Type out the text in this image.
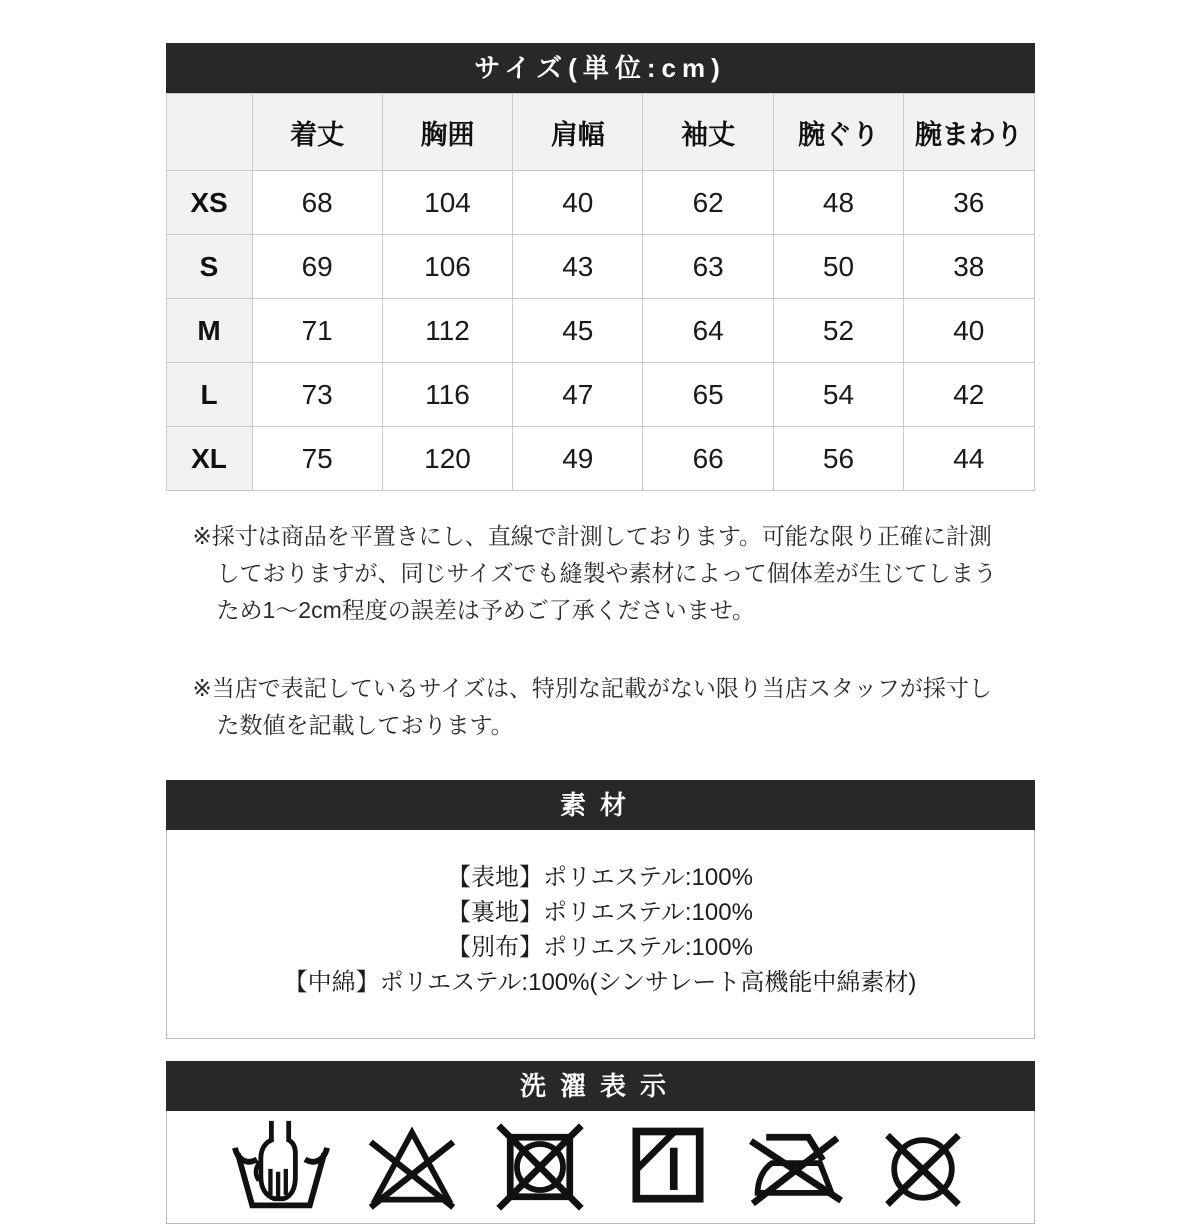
サイズ(単位:cm)
	着丈	胸囲	肩幅	袖丈	腕ぐり	腕まわり
XS	68	104	40	62	48	36
S	69	106	43	63	50	38
M	71	112	45	64	52	40
L	73	116	47	65	54	42
XL	75	120	49	66	56	44

※採寸は商品を平置きにし、直線で計測しております。可能な限り正確に計測しておりますが、同じサイズでも縫製や素材によって個体差が生じてしまうため1〜2cm程度の誤差は予めご了承くださいませ。

※当店で表記しているサイズは、特別な記載がない限り当店スタッフが採寸した数値を記載しております。

素材
【表地】ポリエステル:100%
【裏地】ポリエステル:100%
【別布】ポリエステル:100%
【中綿】ポリエステル:100%(シンサレート高機能中綿素材)
洗濯表示
